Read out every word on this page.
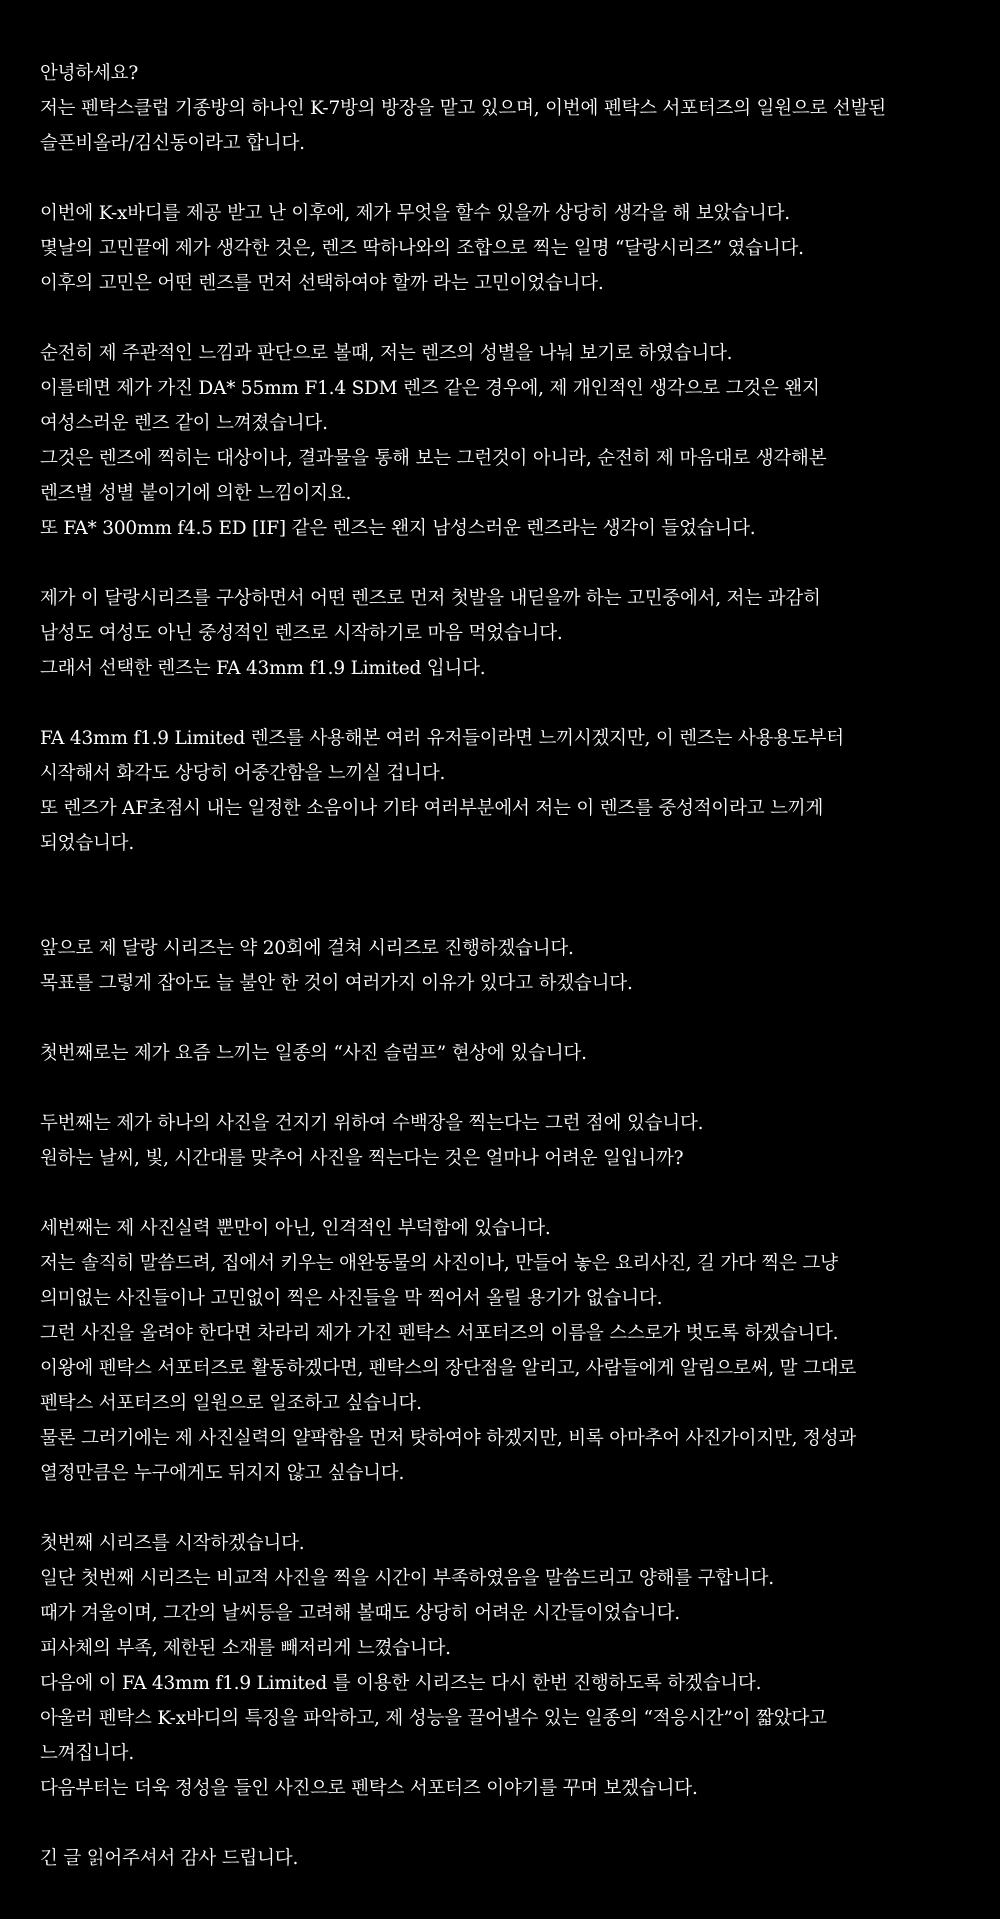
안녕하세요?
저는 펜탁스클럽 기종방의 하나인 K-7방의 방장을 맡고 있으며, 이번에 펜탁스 서포터즈의 일원으로 선발된
슬픈비올라/김신동이라고 합니다.
이번에 K-x바디를 제공 받고 난 이후에, 제가 무엇을 할수 있을까 상당히 생각을 해 보았습니다.
몇날의 고민끝에 제가 생각한 것은, 렌즈 딱하나와의 조합으로 찍는 일명 “달랑시리즈” 였습니다.
이후의 고민은 어떤 렌즈를 먼저 선택하여야 할까 라는 고민이었습니다.
순전히 제 주관적인 느낌과 판단으로 볼때, 저는 렌즈의 성별을 나눠 보기로 하였습니다.
이를테면 제가 가진 DA* 55mm F1.4 SDM 렌즈 같은 경우에, 제 개인적인 생각으로 그것은 왠지
여성스러운 렌즈 같이 느껴졌습니다.
그것은 렌즈에 찍히는 대상이나, 결과물을 통해 보는 그런것이 아니라, 순전히 제 마음대로 생각해본
렌즈별 성별 붙이기에 의한 느낌이지요.
또 FA* 300mm f4.5 ED [IF] 같은 렌즈는 왠지 남성스러운 렌즈라는 생각이 들었습니다.
제가 이 달랑시리즈를 구상하면서 어떤 렌즈로 먼저 첫발을 내딛을까 하는 고민중에서, 저는 과감히
남성도 여성도 아닌 중성적인 렌즈로 시작하기로 마음 먹었습니다.
그래서 선택한 렌즈는 FA 43mm f1.9 Limited 입니다.
FA 43mm f1.9 Limited 렌즈를 사용해본 여러 유저들이라면 느끼시겠지만, 이 렌즈는 사용용도부터
시작해서 화각도 상당히 어중간함을 느끼실 겁니다.
또 렌즈가 AF초점시 내는 일정한 소음이나 기타 여러부분에서 저는 이 렌즈를 중성적이라고 느끼게
되었습니다.
앞으로 제 달랑 시리즈는 약 20회에 걸쳐 시리즈로 진행하겠습니다.
목표를 그렇게 잡아도 늘 불안 한 것이 여러가지 이유가 있다고 하겠습니다.
첫번째로는 제가 요즘 느끼는 일종의 “사진 슬럼프” 현상에 있습니다.
두번째는 제가 하나의 사진을 건지기 위하여 수백장을 찍는다는 그런 점에 있습니다.
원하는 날씨, 빛, 시간대를 맞추어 사진을 찍는다는 것은 얼마나 어려운 일입니까?
세번째는 제 사진실력 뿐만이 아닌, 인격적인 부덕함에 있습니다.
저는 솔직히 말씀드려, 집에서 키우는 애완동물의 사진이나, 만들어 놓은 요리사진, 길 가다 찍은 그냥
의미없는 사진들이나 고민없이 찍은 사진들을 막 찍어서 올릴 용기가 없습니다.
그런 사진을 올려야 한다면 차라리 제가 가진 펜탁스 서포터즈의 이름을 스스로가 벗도록 하겠습니다.
이왕에 펜탁스 서포터즈로 활동하겠다면, 펜탁스의 장단점을 알리고, 사람들에게 알림으로써, 말 그대로
펜탁스 서포터즈의 일원으로 일조하고 싶습니다.
물론 그러기에는 제 사진실력의 얄팍함을 먼저 탓하여야 하겠지만, 비록 아마추어 사진가이지만, 정성과
열정만큼은 누구에게도 뒤지지 않고 싶습니다.
첫번째 시리즈를 시작하겠습니다.
일단 첫번째 시리즈는 비교적 사진을 찍을 시간이 부족하였음을 말씀드리고 양해를 구합니다.
때가 겨울이며, 그간의 날씨등을 고려해 볼때도 상당히 어려운 시간들이었습니다.
피사체의 부족, 제한된 소재를 빼저리게 느꼈습니다.
다음에 이 FA 43mm f1.9 Limited 를 이용한 시리즈는 다시 한번 진행하도록 하겠습니다.
아울러 펜탁스 K-x바디의 특징을 파악하고, 제 성능을 끌어낼수 있는 일종의 “적응시간”이 짧았다고
느껴집니다.
다음부터는 더욱 정성을 들인 사진으로 펜탁스 서포터즈 이야기를 꾸며 보겠습니다.
긴 글 읽어주셔서 감사 드립니다.
